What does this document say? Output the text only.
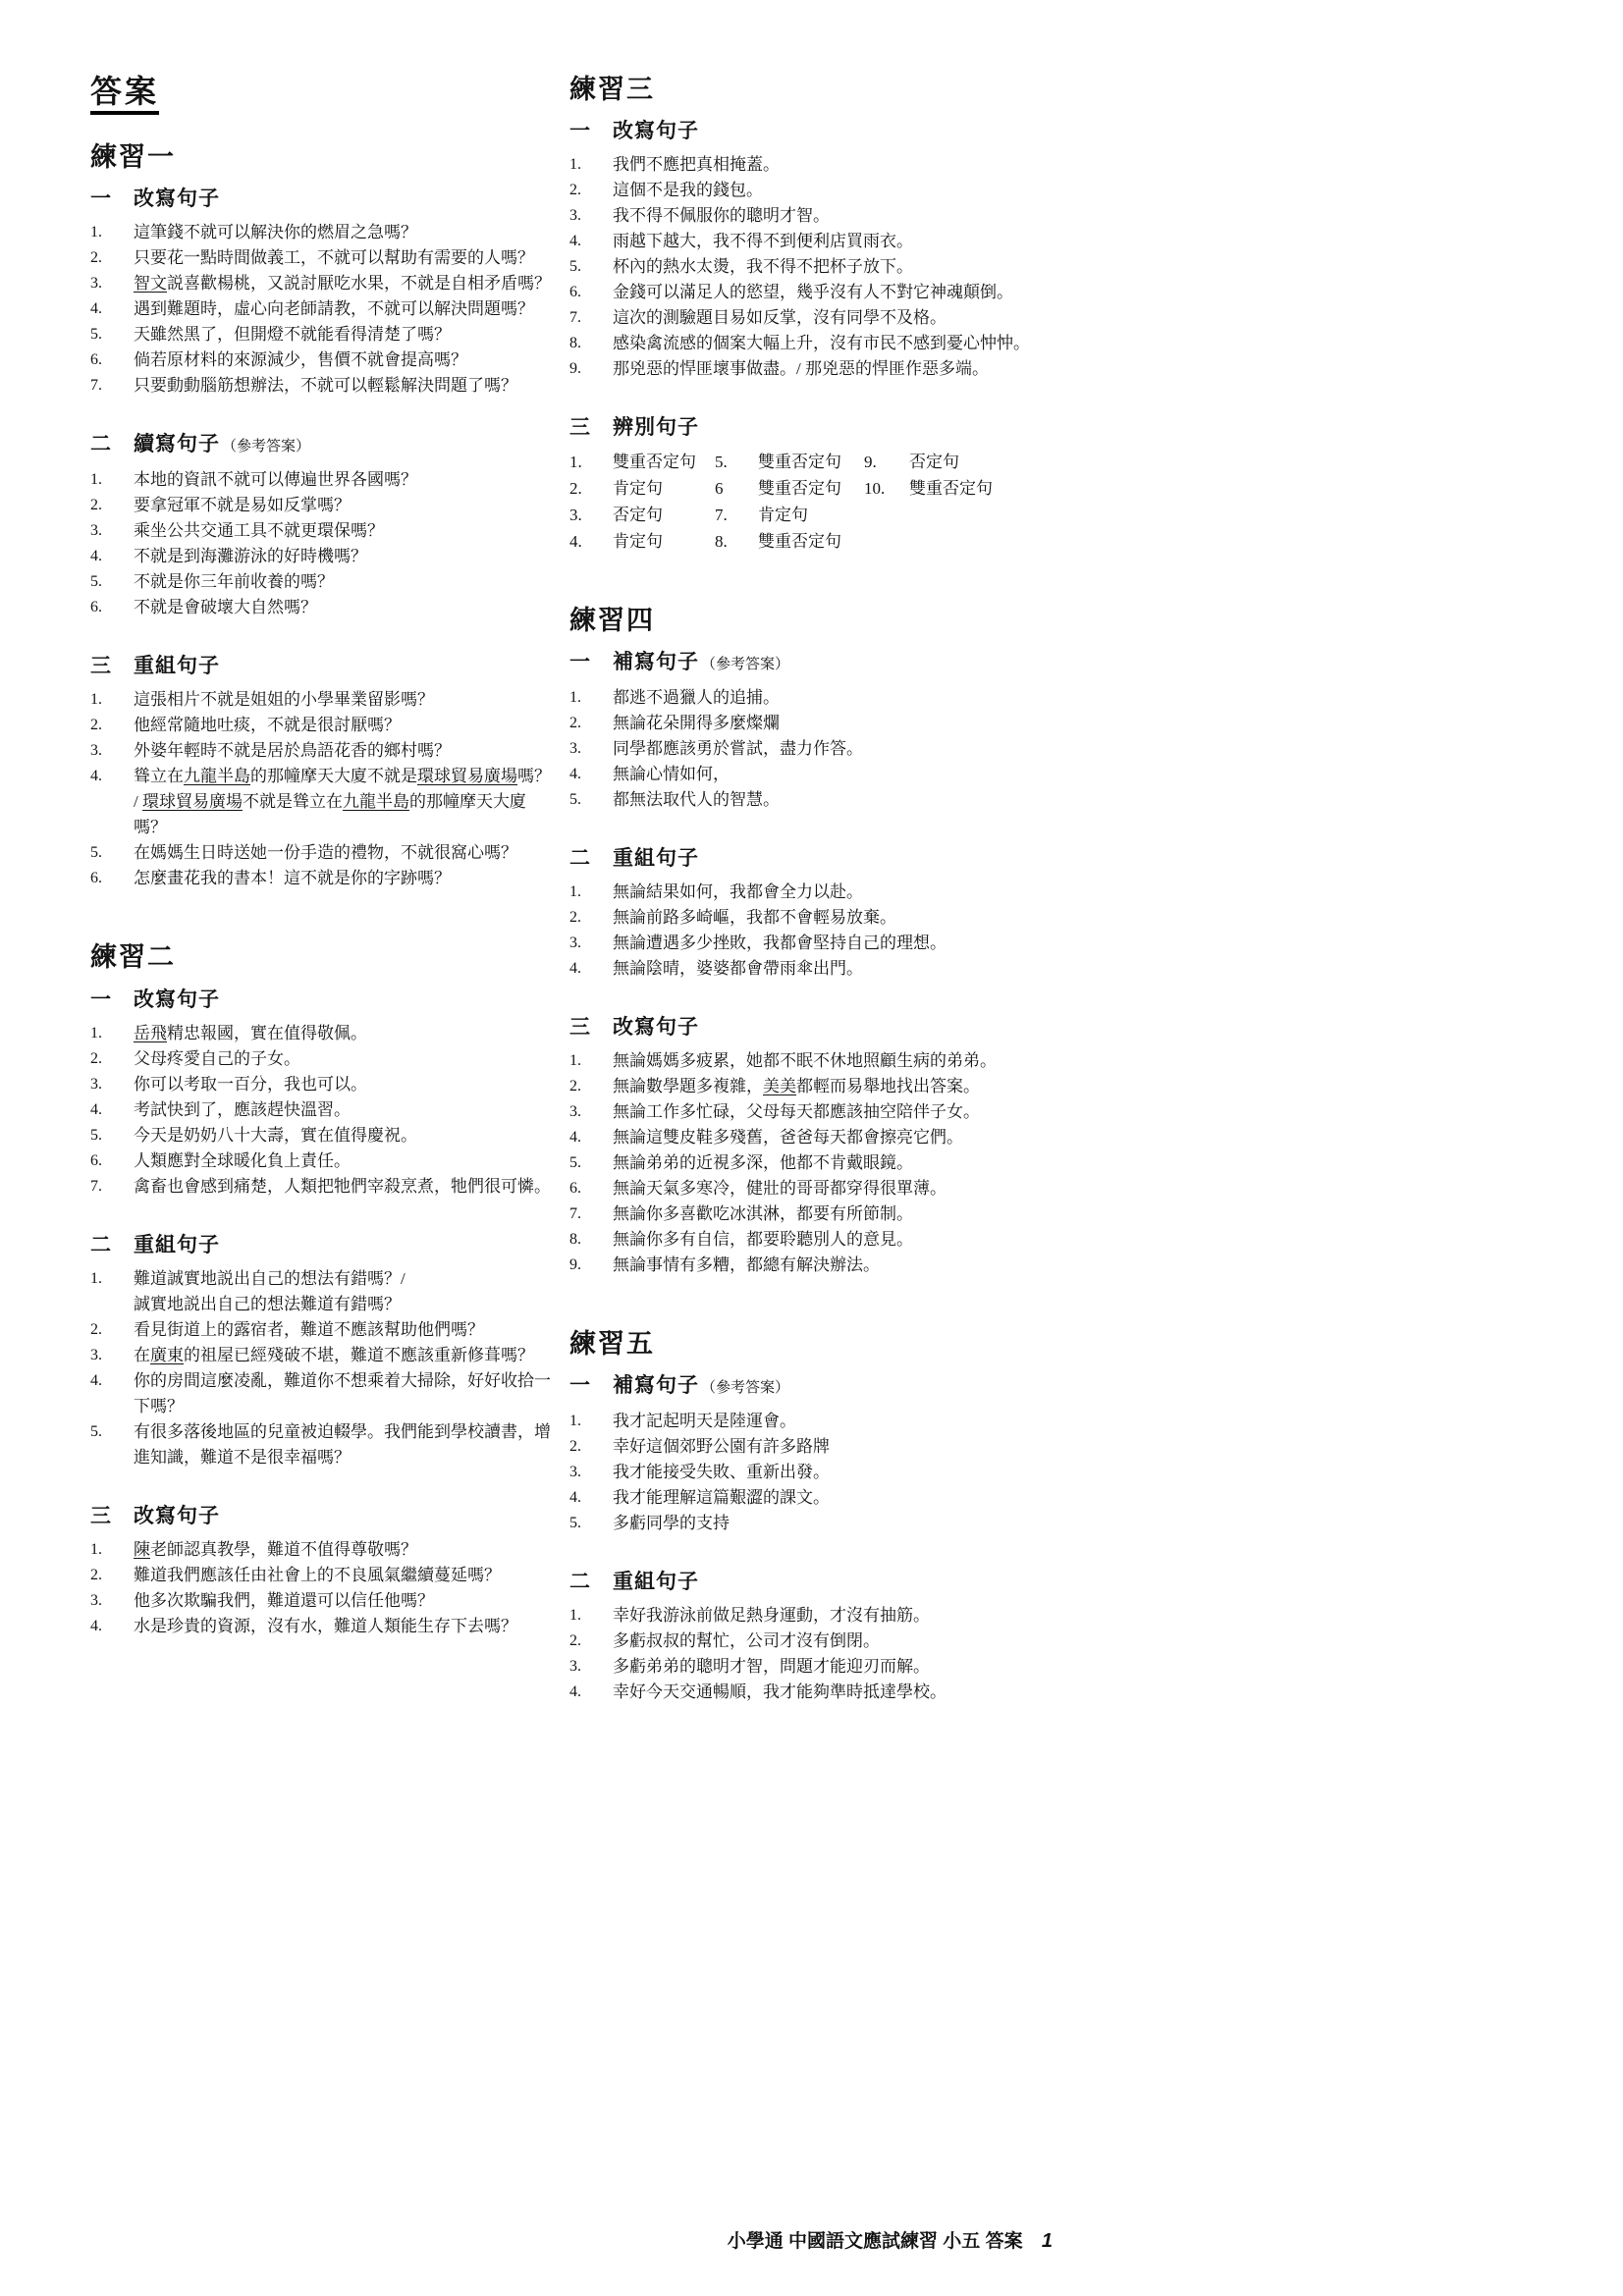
答案
練習一
一	改寫句子
1.	這筆錢不就可以解決你的燃眉之急嗎？
2.	只要花一點時間做義工，不就可以幫助有需要的人嗎？
3.	智文説喜歡楊桃，又説討厭吃水果，不就是自相矛盾嗎？
4.	遇到難題時，虛心向老師請教，不就可以解決問題嗎？
5.	天雖然黑了，但開燈不就能看得清楚了嗎？
6.	倘若原材料的來源減少，售價不就會提高嗎？
7.	只要動動腦筋想辦法，不就可以輕鬆解決問題了嗎？
二	續寫句子 （參考答案）
1.	本地的資訊不就可以傳遍世界各國嗎？
2.	要拿冠軍不就是易如反掌嗎？
3.	乘坐公共交通工具不就更環保嗎？
4.	不就是到海灘游泳的好時機嗎？
5.	不就是你三年前收養的嗎？
6.	不就是會破壞大自然嗎？
三	重組句子
1.	這張相片不就是姐姐的小學畢業留影嗎？
2.	他經常隨地吐痰，不就是很討厭嗎？
3.	外婆年輕時不就是居於鳥語花香的鄉村嗎？
4.	聳立在九龍半島的那幢摩天大廈不就是環球貿易廣場嗎？ / 環球貿易廣場不就是聳立在九龍半島的那幢摩天大廈嗎？
5.	在媽媽生日時送她一份手造的禮物，不就很窩心嗎？
6.	怎麼畫花我的書本！這不就是你的字跡嗎？
練習二
一	改寫句子
1.	岳飛精忠報國，實在值得敬佩。
2.	父母疼愛自己的子女。
3.	你可以考取一百分，我也可以。
4.	考試快到了，應該趕快溫習。
5.	今天是奶奶八十大壽，實在值得慶祝。
6.	人類應對全球暖化負上責任。
7.	禽畜也會感到痛楚，人類把牠們宰殺烹煮，牠們很可憐。
二	重組句子
1.	難道誠實地説出自己的想法有錯嗎？/
誠實地説出自己的想法難道有錯嗎？
2.	看見街道上的露宿者，難道不應該幫助他們嗎？
3.	在廣東的祖屋已經殘破不堪，難道不應該重新修葺嗎？
4.	你的房間這麼凌亂，難道你不想乘着大掃除，好好收拾一下嗎？
5.	有很多落後地區的兒童被迫輟學。我們能到學校讀書，增進知識，難道不是很幸福嗎？
三	改寫句子
1.	陳老師認真教學，難道不值得尊敬嗎？
2.	難道我們應該任由社會上的不良風氣繼續蔓延嗎？
3.	他多次欺騙我們，難道還可以信任他嗎？
4.	水是珍貴的資源，沒有水，難道人類能生存下去嗎？
練習三
一	改寫句子
1.	我們不應把真相掩蓋。
2.	這個不是我的錢包。
3.	我不得不佩服你的聰明才智。
4.	雨越下越大，我不得不到便利店買雨衣。
5.	杯內的熱水太燙，我不得不把杯子放下。
6.	金錢可以滿足人的慾望，幾乎沒有人不對它神魂顛倒。
7.	這次的測驗題目易如反掌，沒有同學不及格。
8.	感染禽流感的個案大幅上升，沒有市民不感到憂心忡忡。
9.	那兇惡的悍匪壞事做盡。/ 那兇惡的悍匪作惡多端。
三	辨別句子
1.	雙重否定句	5.	雙重否定句	9.	否定句
2.	肯定句	6	雙重否定句	10.	雙重否定句
3.	否定句	7.	肯定句
4.	肯定句	8.	雙重否定句
練習四
一	補寫句子 （參考答案）
1.	都逃不過獵人的追捕。
2.	無論花朵開得多麼燦爛
3.	同學都應該勇於嘗試，盡力作答。
4.	無論心情如何，
5.	都無法取代人的智慧。
二	重組句子
1.	無論結果如何，我都會全力以赴。
2.	無論前路多崎嶇，我都不會輕易放棄。
3.	無論遭遇多少挫敗，我都會堅持自己的理想。
4.	無論陰晴，婆婆都會帶雨傘出門。
三	改寫句子
1.	無論媽媽多疲累，她都不眠不休地照顧生病的弟弟。
2.	無論數學題多複雜，美美都輕而易舉地找出答案。
3.	無論工作多忙碌，父母每天都應該抽空陪伴子女。
4.	無論這雙皮鞋多殘舊，爸爸每天都會擦亮它們。
5.	無論弟弟的近視多深，他都不肯戴眼鏡。
6.	無論天氣多寒冷，健壯的哥哥都穿得很單薄。
7.	無論你多喜歡吃冰淇淋，都要有所節制。
8.	無論你多有自信，都要聆聽別人的意見。
9.	無論事情有多糟，都總有解決辦法。
練習五
一	補寫句子 （參考答案）
1.	我才記起明天是陸運會。
2.	幸好這個郊野公園有許多路牌
3.	我才能接受失敗、重新出發。
4.	我才能理解這篇艱澀的課文。
5.	多虧同學的支持
二	重組句子
1.	幸好我游泳前做足熱身運動，才沒有抽筋。
2.	多虧叔叔的幫忙，公司才沒有倒閉。
3.	多虧弟弟的聰明才智，問題才能迎刃而解。
4.	幸好今天交通暢順，我才能夠準時抵達學校。
小學通 中國語文應試練習 小五 答案 1
